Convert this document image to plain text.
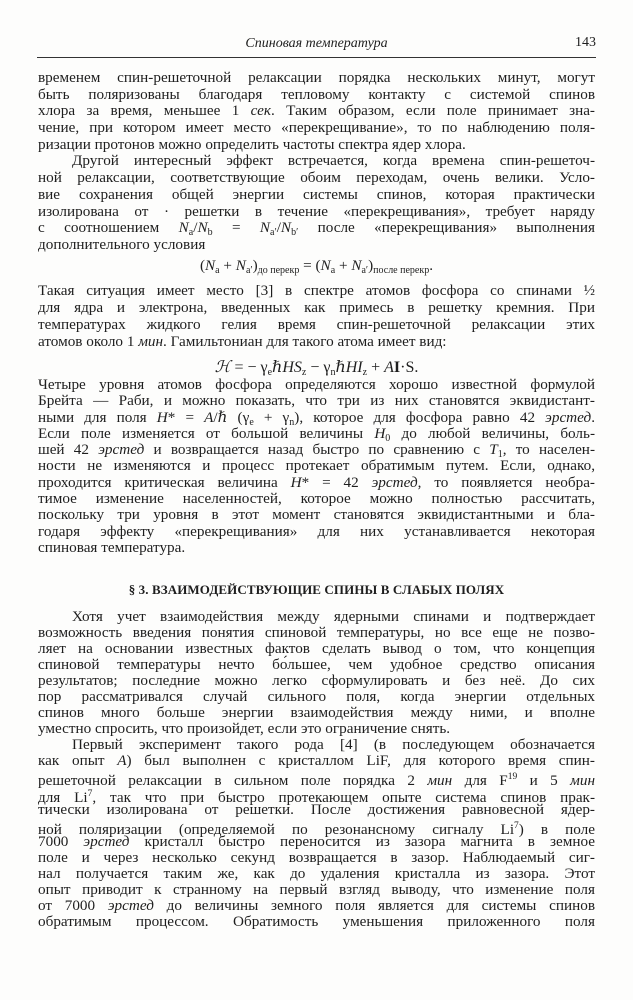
Спиновая температура	143
временем спин-решеточной релаксации порядка нескольких минут, могут
быть поляризованы благодаря тепловому контакту с системой спинов
хлора за время, меньшее 1 сек. Таким образом, если поле принимает зна-
чение, при котором имеет место «перекрещивание», то по наблюдению поля-
ризации протонов можно определить частоты спектра ядер хлора.
Другой интересный эффект встречается, когда времена спин-решеточ-
ной релаксации, соответствующие обоим переходам, очень велики. Усло-
вие сохранения общей энергии системы спинов, которая практически
изолирована от · решетки в течение «перекрещивания», требует наряду
с соотношением Na/Nb = Na′/Nb′ после «перекрещивания» выполнения
дополнительного условия
(Na + Na′)до перекр = (Na + Na′)после перекр.
Такая ситуация имеет место [3] в спектре атомов фосфора со спинами ½
для ядра и электрона, введенных как примесь в решетку кремния. При
температурах жидкого гелия время спин-решеточной релаксации этих
атомов около 1 мин. Гамильтониан для такого атома имеет вид:
ℋ = − γeℏHSz − γnℏHIz + AI·S.
Четыре уровня атомов фосфора определяются хорошо известной формулой
Брейта — Раби, и можно показать, что три из них становятся эквидистант-
ными для поля H* = A/ℏ (γe + γn), которое для фосфора равно 42 эрстед.
Если поле изменяется от большой величины H0 до любой величины, боль-
шей 42 эрстед и возвращается назад быстро по сравнению с T1, то населен-
ности не изменяются и процесс протекает обратимым путем. Если, однако,
проходится критическая величина H* = 42 эрстед, то появляется необра-
тимое изменение населенностей, которое можно полностью рассчитать,
поскольку три уровня в этот момент становятся эквидистантными и бла-
годаря эффекту «перекрещивания» для них устанавливается некоторая
спиновая температура.
§ 3. ВЗАИМОДЕЙСТВУЮЩИЕ СПИНЫ В СЛАБЫХ ПОЛЯХ
Хотя учет взаимодействия между ядерными спинами и подтверждает
возможность введения понятия спиновой температуры, но все еще не позво-
ляет на основании известных фактов сделать вывод о том, что концепция
спиновой температуры нечто бо́льшее, чем удобное средство описания
результатов; последние можно легко сформулировать и без неё. До сих
пор рассматривался случай сильного поля, когда энергии отдельных
спинов много больше энергии взаимодействия между ними, и вполне
уместно спросить, что произойдет, если это ограничение снять.
Первый эксперимент такого рода [4] (в последующем обозначается
как опыт A) был выполнен с кристаллом LiF, для которого время спин-
решеточной релаксации в сильном поле порядка 2 мин для $F^{19}$ и 5 мин
для Li$^7$, так что при быстро протекающем опыте система спинов прак-
тически изолирована от решетки. После достижения равновесной ядер-
ной поляризации (определяемой по резонансному сигналу Li$^7$) в поле
7000 эрстед кристалл быстро переносится из зазора магнита в земное
поле и через несколько секунд возвращается в зазор. Наблюдаемый сиг-
нал получается таким же, как до удаления кристалла из зазора. Этот
опыт приводит к странному на первый взгляд выводу, что изменение поля
от 7000 эрстед до величины земного поля является для системы спинов
обратимым процессом. Обратимость уменьшения приложенного поля
